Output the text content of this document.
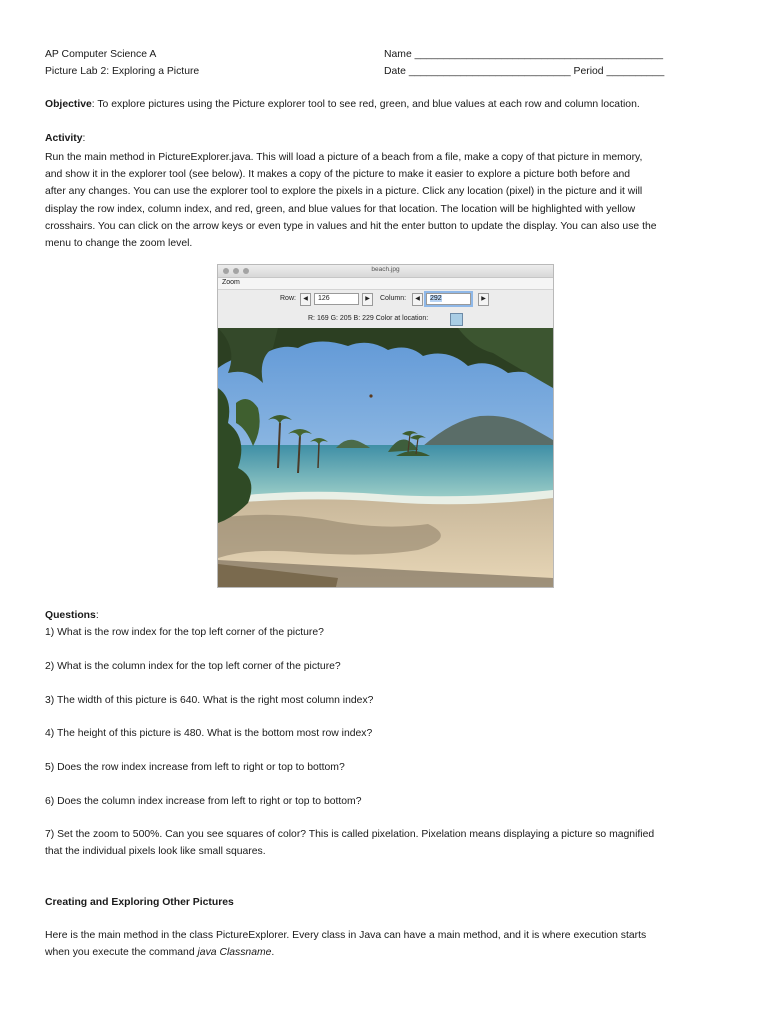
AP Computer Science A
Picture Lab 2: Exploring a Picture
Name ___________________________________________
Date ____________________________ Period __________
Objective: To explore pictures using the Picture explorer tool to see red, green, and blue values at each row and column location.
Activity:
Run the main method in PictureExplorer.java. This will load a picture of a beach from a file, make a copy of that picture in memory,
and show it in the explorer tool (see below). It makes a copy of the picture to make it easier to explore a picture both before and
after any changes. You can use the explorer tool to explore the pixels in a picture. Click any location (pixel) in the picture and it will
display the row index, column index, and red, green, and blue values for that location. The location will be highlighted with yellow
crosshairs. You can click on the arrow keys or even type in values and hit the enter button to update the display. You can also use the
menu to change the zoom level.
beach.jpg
Zoom
Row:	◀	126	▶	Column:	◀	292	▶
R: 169 G: 205 B: 229 Color at location:
Questions:
1) What is the row index for the top left corner of the picture?
2) What is the column index for the top left corner of the picture?
3) The width of this picture is 640. What is the right most column index?
4) The height of this picture is 480. What is the bottom most row index?
5) Does the row index increase from left to right or top to bottom?
6) Does the column index increase from left to right or top to bottom?
7) Set the zoom to 500%. Can you see squares of color? This is called pixelation. Pixelation means displaying a picture so magnified
that the individual pixels look like small squares.
Creating and Exploring Other Pictures
Here is the main method in the class PictureExplorer. Every class in Java can have a main method, and it is where execution starts
when you execute the command java Classname.
